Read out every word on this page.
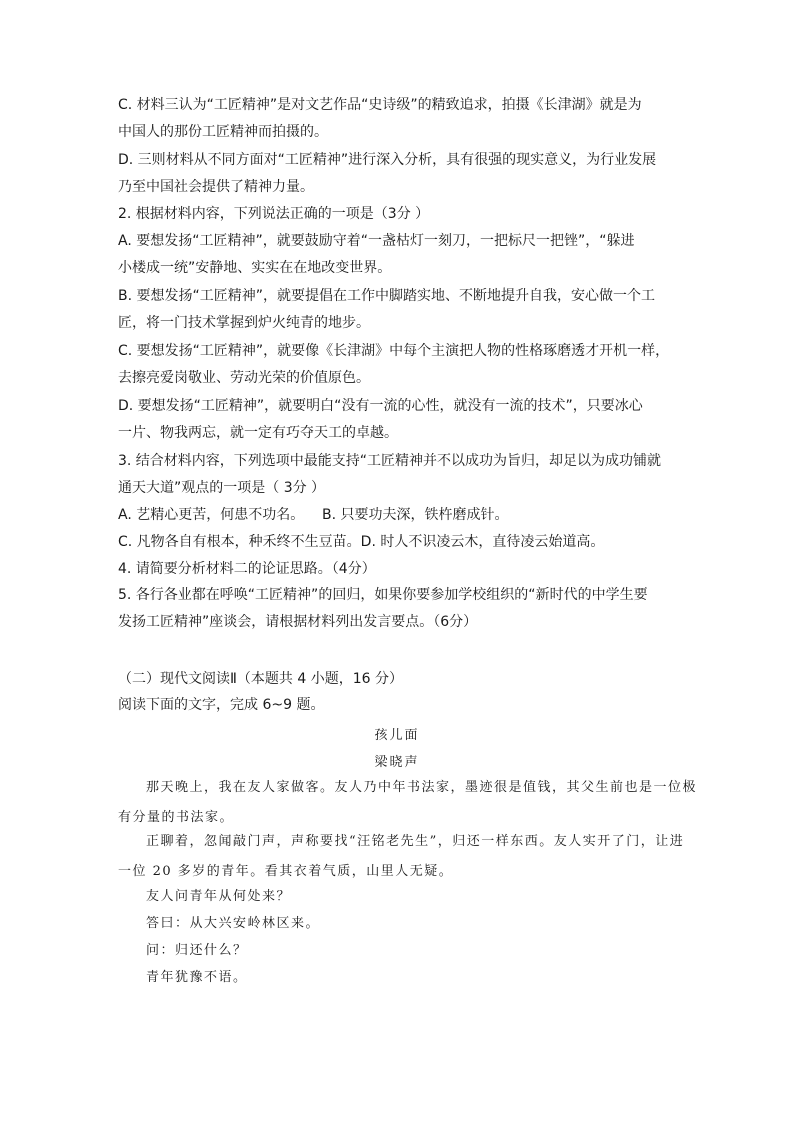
C. 材料三认为“工匠精神”是对文艺作品“史诗级”的精致追求，拍摄《长津湖》就是为
中国人的那份工匠精神而拍摄的。
D. 三则材料从不同方面对“工匠精神”进行深入分析，具有很强的现实意义，为行业发展
乃至中国社会提供了精神力量。
2. 根据材料内容，下列说法正确的一项是（3分 ）
A. 要想发扬“工匠精神”，就要鼓励守着“一盏枯灯一刻刀，一把标尺一把锉”，“躲进
小楼成一统”安静地、实实在在地改变世界。
B. 要想发扬“工匠精神”，就要提倡在工作中脚踏实地、不断地提升自我，安心做一个工
匠，将一门技术掌握到炉火纯青的地步。
C. 要想发扬“工匠精神”，就要像《长津湖》中每个主演把人物的性格琢磨透才开机一样，
去擦亮爱岗敬业、劳动光荣的价值原色。
D. 要想发扬“工匠精神”，就要明白“没有一流的心性，就没有一流的技术”，只要冰心
一片、物我两忘，就一定有巧夺天工的卓越。
3. 结合材料内容，下列选项中最能支持“工匠精神并不以成功为旨归，却足以为成功铺就
通天大道”观点的一项是（ 3分 ）
A. 艺精心更苦，何患不功名。    B. 只要功夫深，铁杵磨成针。
C. 凡物各自有根本，种禾终不生豆苗。D. 时人不识凌云木，直待凌云始道高。
4. 请简要分析材料二的论证思路。（4分）
5. 各行各业都在呼唤“工匠精神”的回归，如果你要参加学校组织的“新时代的中学生要
发扬工匠精神”座谈会，请根据材料列出发言要点。（6分）
（二）现代文阅读Ⅱ（本题共 4 小题，16 分）
阅读下面的文字，完成 6~9 题。
孩儿面
梁晓声
那天晚上，我在友人家做客。友人乃中年书法家，墨迹很是值钱，其父生前也是一位极
有分量的书法家。
正聊着，忽闻敲门声，声称要找“汪铭老先生”，归还一样东西。友人实开了门，让进
一位 20 多岁的青年。看其衣着气质，山里人无疑。
友人问青年从何处来？
答曰：从大兴安岭林区来。
问：归还什么？
青年犹豫不语。
